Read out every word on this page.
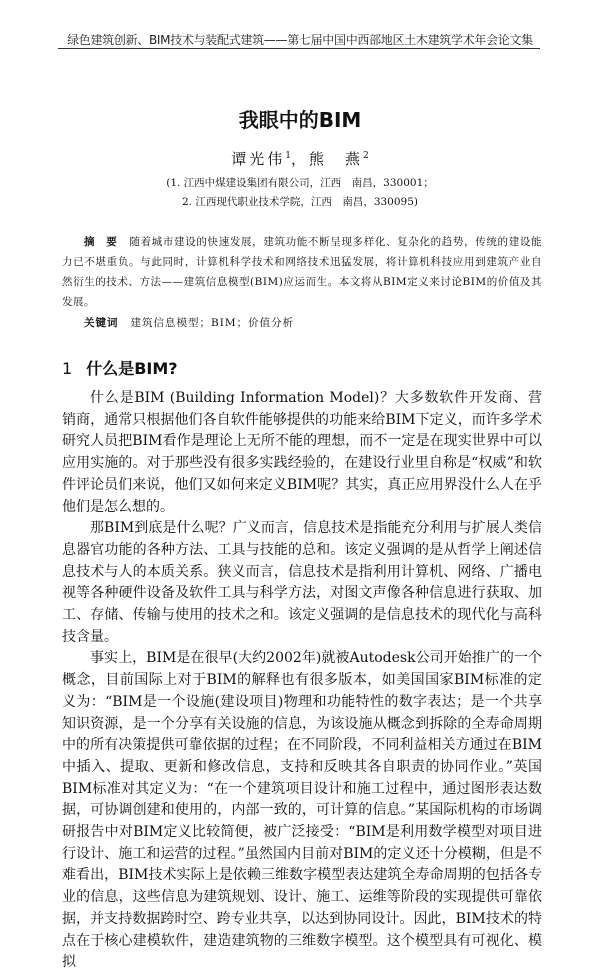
绿色建筑创新、BIM技术与装配式建筑——第七届中国中西部地区土木建筑学术年会论文集
我眼中的BIM
谭光伟$^1$，熊　燕$^2$
(1. 江西中煤建设集团有限公司，江西　南昌，330001；
2. 江西现代职业技术学院，江西　南昌，330095)
摘　要 随着城市建设的快速发展，建筑功能不断呈现多样化、复杂化的趋势，传统的建设能力已不堪重负。与此同时，计算机科学技术和网络技术迅猛发展，将计算机科技应用到建筑产业自然衍生的技术、方法——建筑信息模型(BIM)应运而生。本文将从BIM定义来讨论BIM的价值及其发展。
关键词 建筑信息模型；BIM；价值分析
1 什么是BIM?

什么是BIM (Building Information Model)？大多数软件开发商、营销商，通常只根据他们各自软件能够提供的功能来给BIM下定义，而许多学术研究人员把BIM看作是理论上无所不能的理想，而不一定是在现实世界中可以应用实施的。对于那些没有很多实践经验的，在建设行业里自称是“权威”和软件评论员们来说，他们又如何来定义BIM呢？其实，真正应用界没什么人在乎他们是怎么想的。

那BIM到底是什么呢？广义而言，信息技术是指能充分利用与扩展人类信息器官功能的各种方法、工具与技能的总和。该定义强调的是从哲学上阐述信息技术与人的本质关系。狭义而言，信息技术是指利用计算机、网络、广播电视等各种硬件设备及软件工具与科学方法，对图文声像各种信息进行获取、加工、存储、传输与使用的技术之和。该定义强调的是信息技术的现代化与高科技含量。

事实上，BIM是在很早(大约2002年)就被Autodesk公司开始推广的一个概念，目前国际上对于BIM的解释也有很多版本，如美国国家BIM标准的定义为：“BIM是一个设施(建设项目)物理和功能特性的数字表达；是一个共享知识资源，是一个分享有关设施的信息，为该设施从概念到拆除的全寿命周期中的所有决策提供可靠依据的过程；在不同阶段，不同利益相关方通过在BIM中插入、提取、更新和修改信息，支持和反映其各自职责的协同作业。”英国BIM标准对其定义为：“在一个建筑项目设计和施工过程中，通过图形表达数据，可协调创建和使用的，内部一致的，可计算的信息。”某国际机构的市场调研报告中对BIM定义比较简便，被广泛接受：“BIM是利用数学模型对项目进行设计、施工和运营的过程。”虽然国内目前对BIM的定义还十分模糊，但是不难看出，BIM技术实际上是依赖三维数字模型表达建筑全寿命周期的包括各专业的信息，这些信息为建筑规划、设计、施工、运维等阶段的实现提供可靠依据，并支持数据跨时空、跨专业共享，以达到协同设计。因此，BIM技术的特点在于核心建模软件，建造建筑物的三维数字模型。这个模型具有可视化、模拟
